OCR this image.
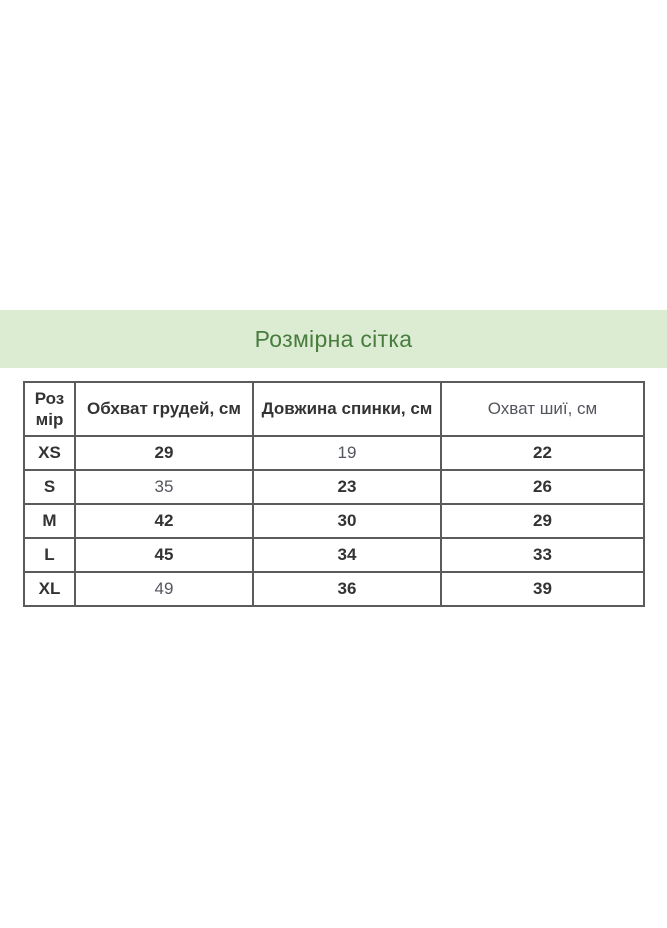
Розмірна сітка
Роз мір	Обхват грудей, см	Довжина спинки, см	Охват шиї, см
XS	29	19	22
S	35	23	26
M	42	30	29
L	45	34	33
XL	49	36	39
